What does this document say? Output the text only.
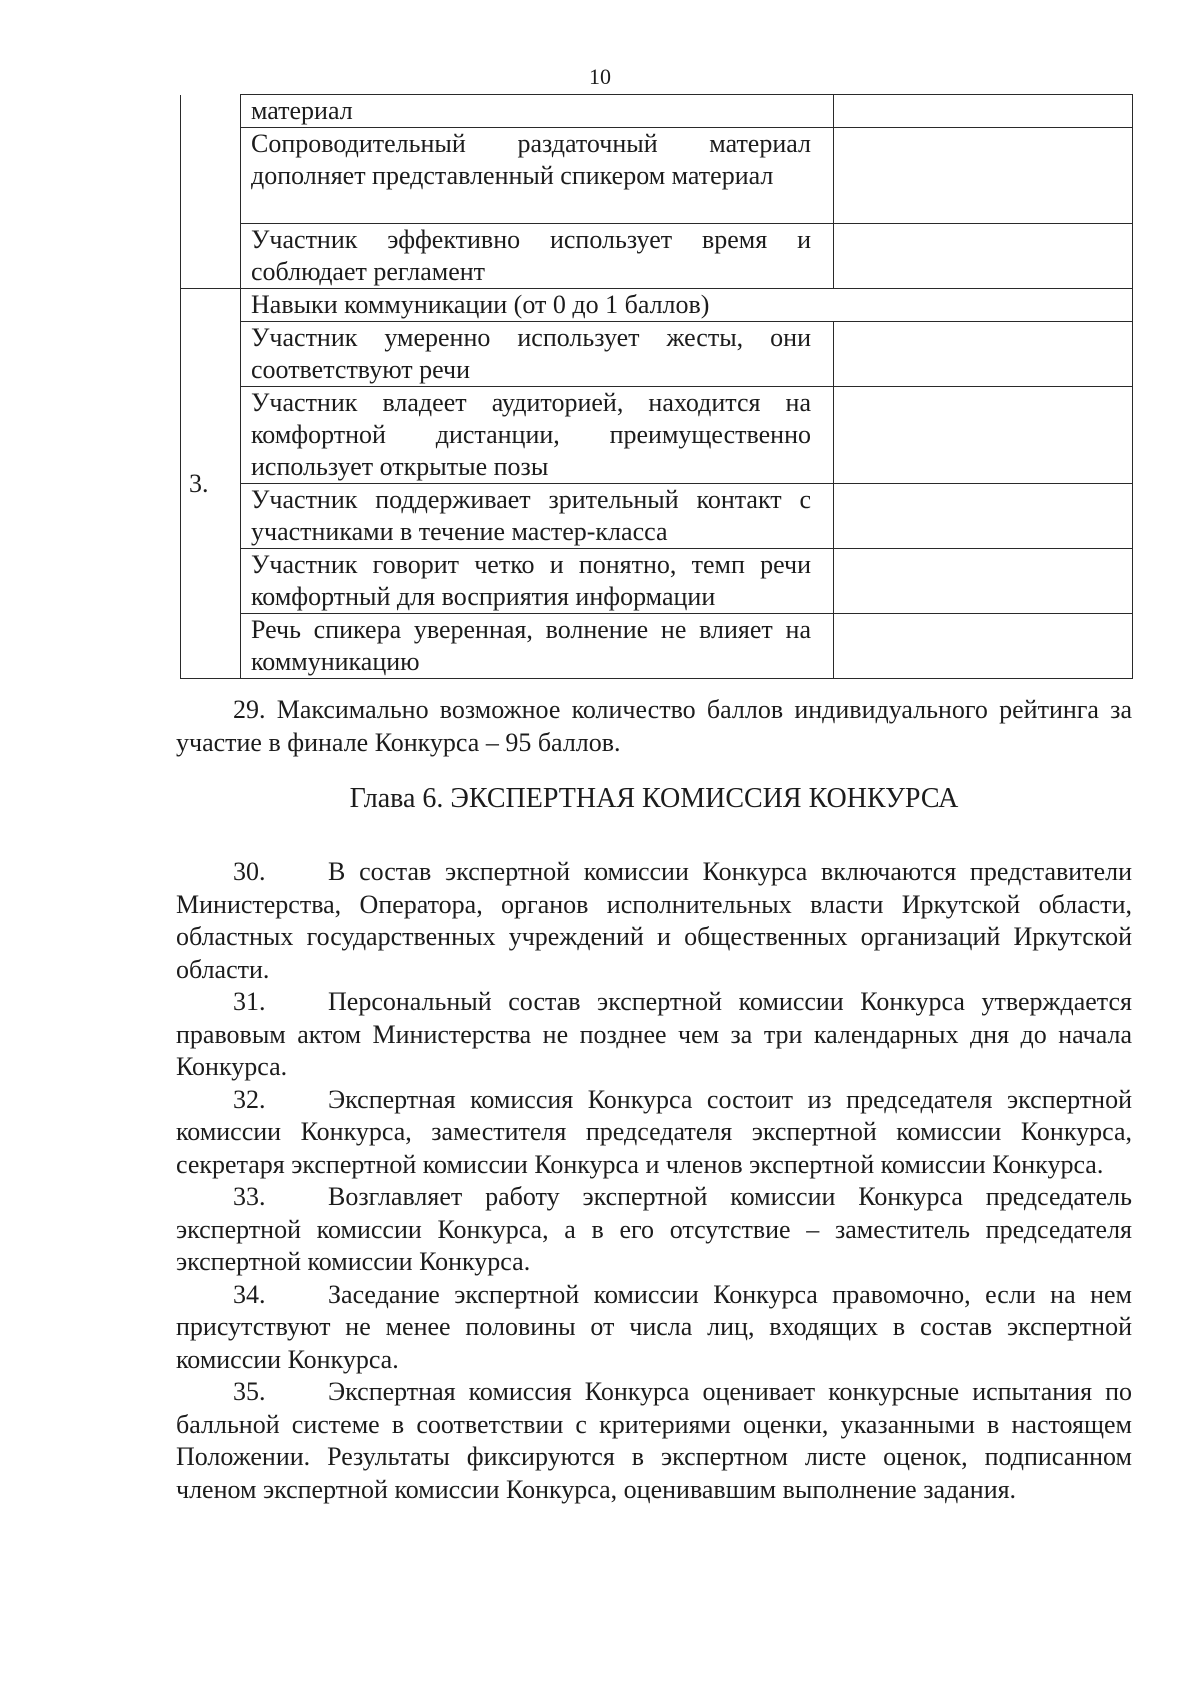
10
	материал	
	Сопроводительный раздаточный материал дополняет представленный спикером материал	
	Участник эффективно использует время и соблюдает регламент	
3.	Навыки коммуникации (от 0 до 1 баллов)	
	Участник умеренно использует жесты, они соответствуют речи	
	Участник владеет аудиторией, находится на комфортной дистанции, преимущественно использует открытые позы	
	Участник поддерживает зрительный контакт с участниками в течение мастер-класса	
	Участник говорит четко и понятно, темп речи комфортный для восприятия информации	
	Речь спикера уверенная, волнение не влияет на коммуникацию	

29. Максимально возможное количество баллов индивидуального рейтинга за участие в финале Конкурса – 95 баллов.

Глава 6. ЭКСПЕРТНАЯ КОМИССИЯ КОНКУРСА

30. В состав экспертной комиссии Конкурса включаются представители Министерства, Оператора, органов исполнительных власти Иркутской области, областных государственных учреждений и общественных организаций Иркутской области.

31. Персональный состав экспертной комиссии Конкурса утверждается правовым актом Министерства не позднее чем за три календарных дня до начала Конкурса.

32. Экспертная комиссия Конкурса состоит из председателя экспертной комиссии Конкурса, заместителя председателя экспертной комиссии Конкурса, секретаря экспертной комиссии Конкурса и членов экспертной комиссии Конкурса.

33. Возглавляет работу экспертной комиссии Конкурса председатель экспертной комиссии Конкурса, а в его отсутствие – заместитель председателя экспертной комиссии Конкурса.

34. Заседание экспертной комиссии Конкурса правомочно, если на нем присутствуют не менее половины от числа лиц, входящих в состав экспертной комиссии Конкурса.

35. Экспертная комиссия Конкурса оценивает конкурсные испытания по балльной системе в соответствии с критериями оценки, указанными в настоящем Положении. Результаты фиксируются в экспертном листе оценок, подписанном членом экспертной комиссии Конкурса, оценивавшим выполнение задания.
